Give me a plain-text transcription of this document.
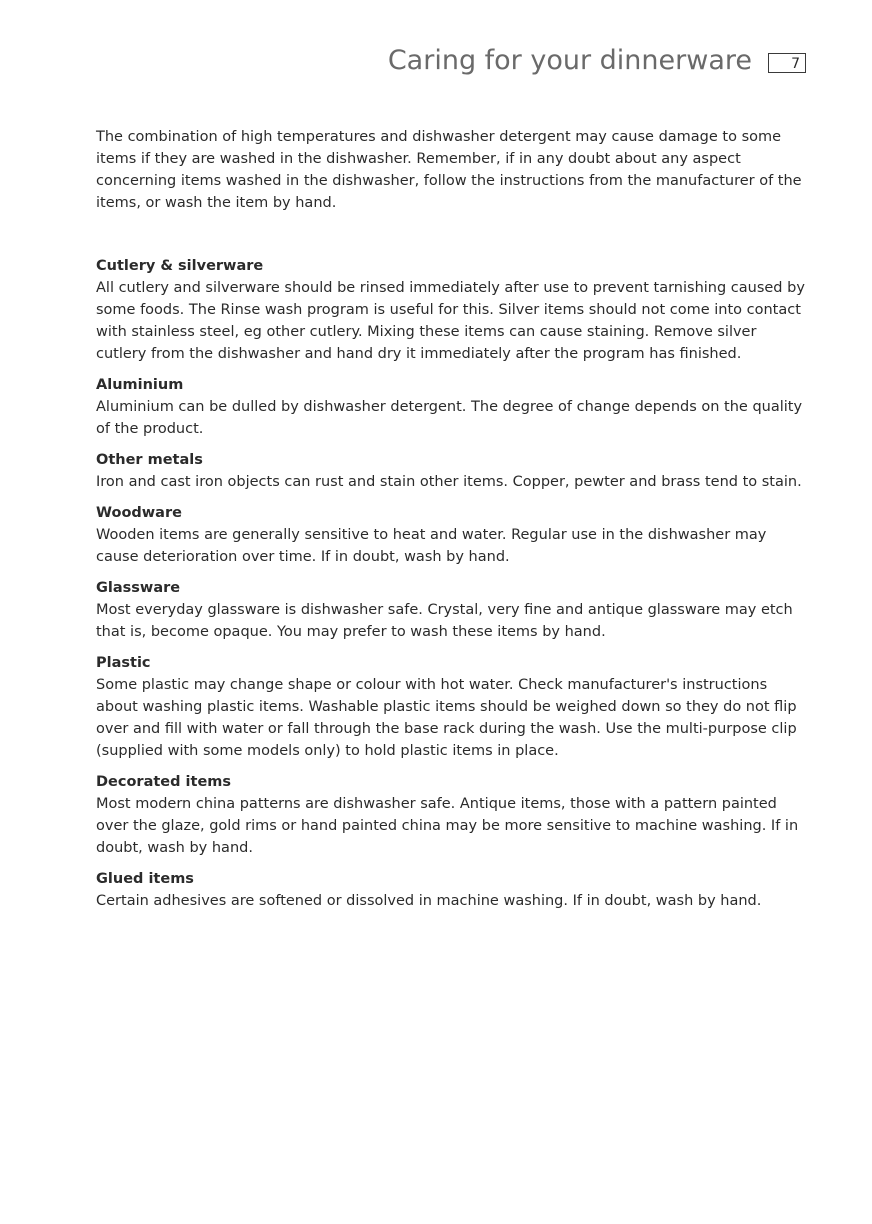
Caring for your dinnerware	7

The combination of high temperatures and dishwasher detergent may cause damage to some items if they are washed in the dishwasher. Remember, if in any doubt about any aspect concerning items washed in the dishwasher, follow the instructions from the manufacturer of the items, or wash the item by hand.

Cutlery & silverware

All cutlery and silverware should be rinsed immediately after use to prevent tarnishing caused by some foods. The Rinse wash program is useful for this. Silver items should not come into contact with stainless steel, eg other cutlery. Mixing these items can cause staining. Remove silver cutlery from the dishwasher and hand dry it immediately after the program has finished.

Aluminium

Aluminium can be dulled by dishwasher detergent. The degree of change depends on the quality of the product.

Other metals

Iron and cast iron objects can rust and stain other items. Copper, pewter and brass tend to stain.

Woodware

Wooden items are generally sensitive to heat and water. Regular use in the dishwasher may cause deterioration over time. If in doubt, wash by hand.

Glassware

Most everyday glassware is dishwasher safe. Crystal, very fine and antique glassware may etch that is, become opaque. You may prefer to wash these items by hand.

Plastic

Some plastic may change shape or colour with hot water. Check manufacturer's instructions about washing plastic items. Washable plastic items should be weighed down so they do not flip over and fill with water or fall through the base rack during the wash. Use the multi-purpose clip (supplied with some models only) to hold plastic items in place.

Decorated items

Most modern china patterns are dishwasher safe. Antique items, those with a pattern painted over the glaze, gold rims or hand painted china may be more sensitive to machine washing. If in doubt, wash by hand.

Glued items

Certain adhesives are softened or dissolved in machine washing. If in doubt, wash by hand.
